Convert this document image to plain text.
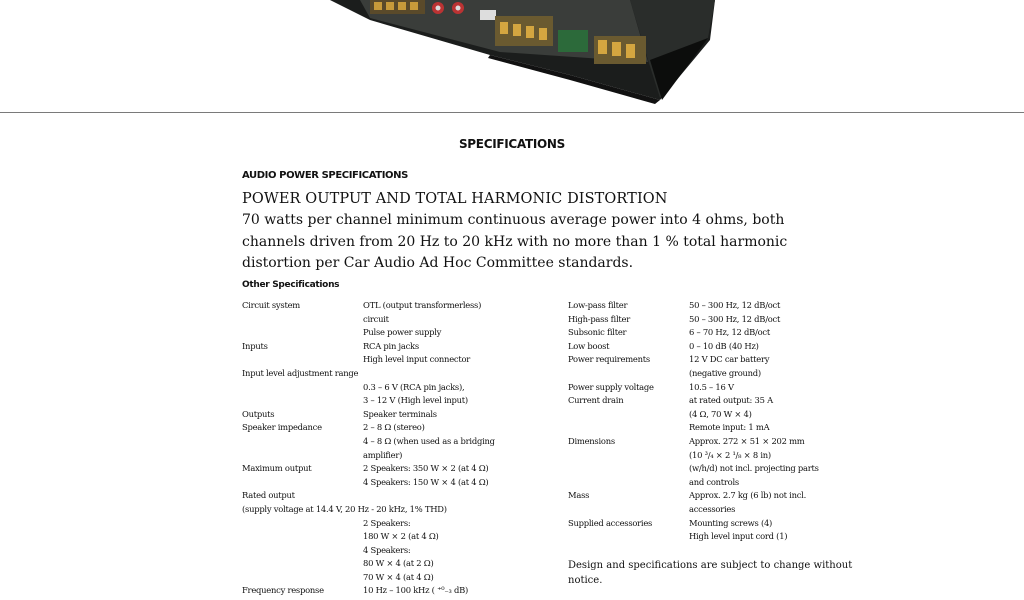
SPECIFICATIONS
AUDIO POWER SPECIFICATIONS
POWER OUTPUT AND TOTAL HARMONIC DISTORTION
70 watts per channel minimum continuous average power into 4 ohms, both channels driven from 20 Hz to 20 kHz with no more than 1 % total harmonic distortion per Car Audio Ad Hoc Committee standards.
Other Specifications
Circuit system	OTL (output transformerless)
circuit
Pulse power supply
Inputs	RCA pin jacks
High level input connector
Input level adjustment range
0.3 – 6 V (RCA pin jacks),
3 – 12 V (High level input)
Outputs	Speaker terminals
Speaker impedance	2 – 8 Ω (stereo)
4 – 8 Ω (when used as a bridging
amplifier)
Maximum output	2 Speakers: 350 W × 2 (at 4 Ω)
4 Speakers: 150 W × 4 (at 4 Ω)
Rated output

(supply voltage at 14.4 V, 20 Hz - 20 kHz, 1% THD)
2 Speakers:
180 W × 2 (at 4 Ω)
4 Speakers:
80 W × 4 (at 2 Ω)
70 W × 4 (at 4 Ω)
Frequency response	10 Hz – 100 kHz ( ⁺⁰₋₃ dB)
Low-pass filter	50 – 300 Hz, 12 dB/oct
High-pass filter	50 – 300 Hz, 12 dB/oct
Subsonic filter	6 – 70 Hz, 12 dB/oct
Low boost	0 – 10 dB (40 Hz)
Power requirements	12 V DC car battery
(negative ground)
Power supply voltage	10.5 – 16 V
Current drain	at rated output: 35 A
(4 Ω, 70 W × 4)
Remote input: 1 mA
Dimensions	Approx. 272 × 51 × 202 mm
(10 ³/₄ × 2 ¹/₈ × 8 in)
(w/h/d) not incl. projecting parts
and controls
Mass	Approx. 2.7 kg (6 lb) not incl.
accessories
Supplied accessories	Mounting screws (4)
High level input cord (1)
Design and specifications are subject to change without notice.
